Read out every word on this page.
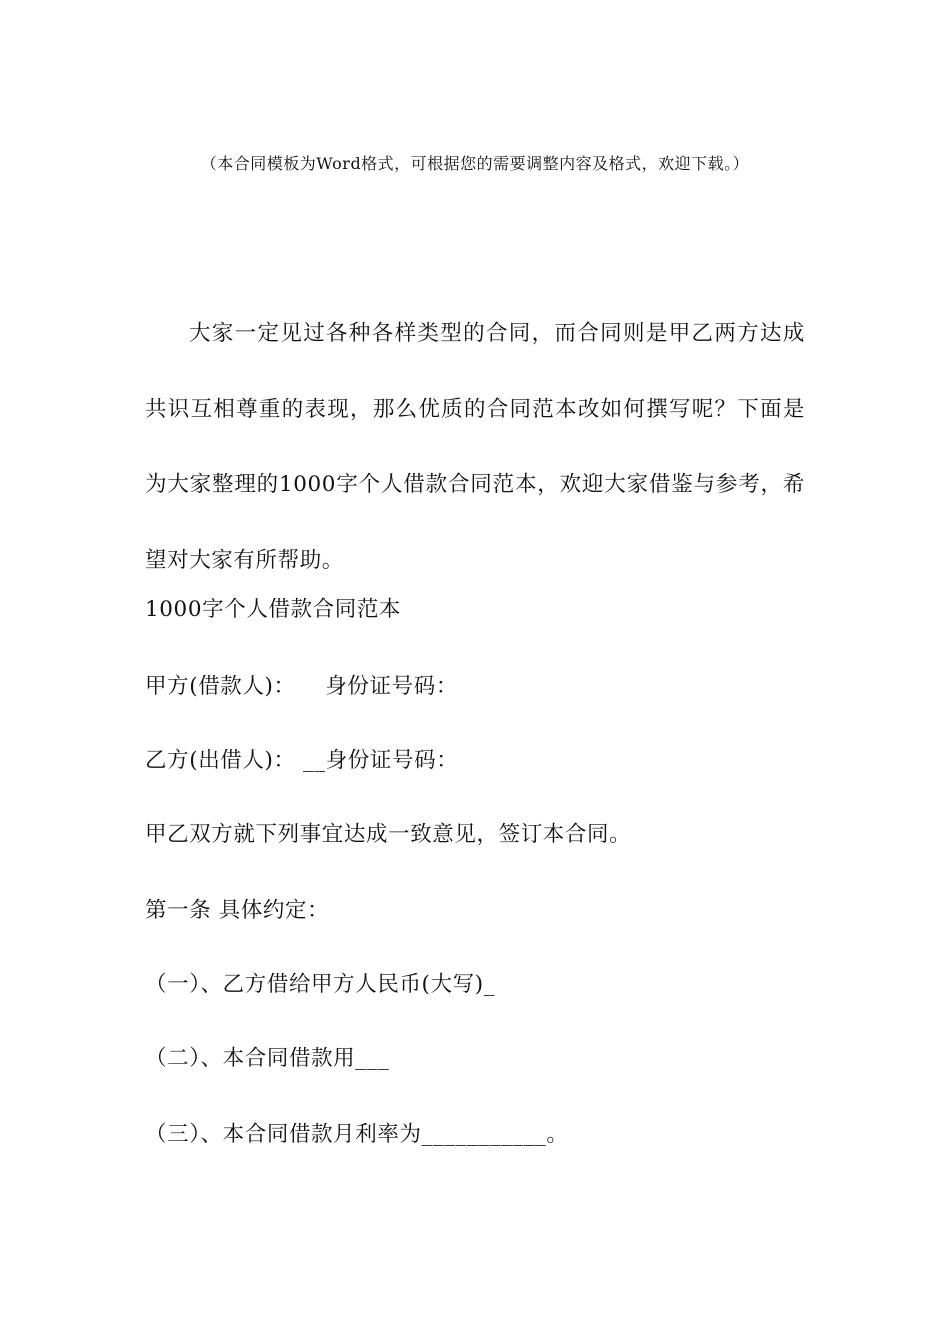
（本合同模板为Word格式，可根据您的需要调整内容及格式，欢迎下载。）
大家一定见过各种各样类型的合同，而合同则是甲乙两方达成共识互相尊重的表现，那么优质的合同范本改如何撰写呢？下面是为大家整理的1000字个人借款合同范本，欢迎大家借鉴与参考，希望对大家有所帮助。
1000字个人借款合同范本
甲方(借款人)：    身份证号码：
乙方(出借人)： __身份证号码：
甲乙双方就下列事宜达成一致意见，签订本合同。
第一条 具体约定：
（一）、乙方借给甲方人民币(大写)_
（二）、本合同借款用___
（三）、本合同借款月利率为___________。
